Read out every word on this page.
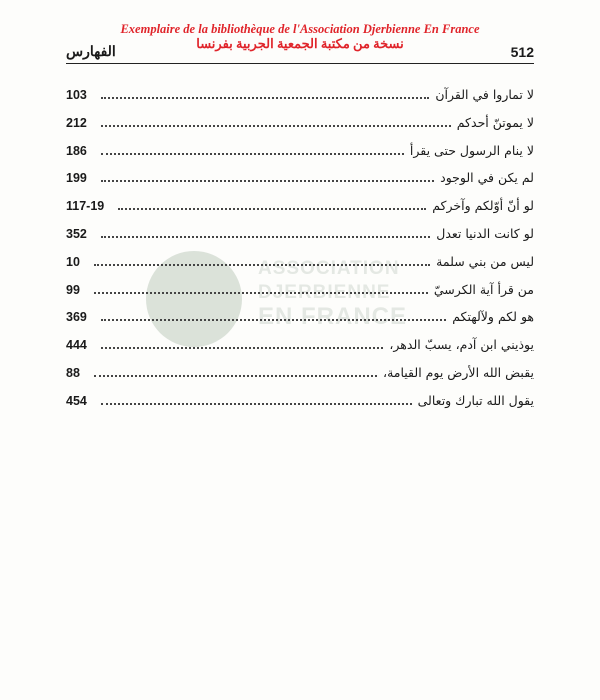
Exemplaire de la bibliothèque de l'Association Djerbienne En France
نسخة من مكتبة الجمعية الجربية بفرنسا
512
الفهارس
ASSOCIATION
DJERBIENNE
EN FRANCE
103	لا تماروا في القرآن
212	لا يموتنّ أحدكم
186	لا ينام الرسول حتى يقرأ
199	لم يكن في الوجود
117-19	لو أنّ أوّلكم وآخركم
352	لو كانت الدنيا تعدل
10	ليس من بني سلمة
99	من قرأ آية الكرسيّ
369	هو لكم ولآلهتكم
444	يوذيني ابن آدم، يسبّ الدهر،
88	يقبض الله الأرض يوم القيامة،
454	يقول الله تبارك وتعالى
